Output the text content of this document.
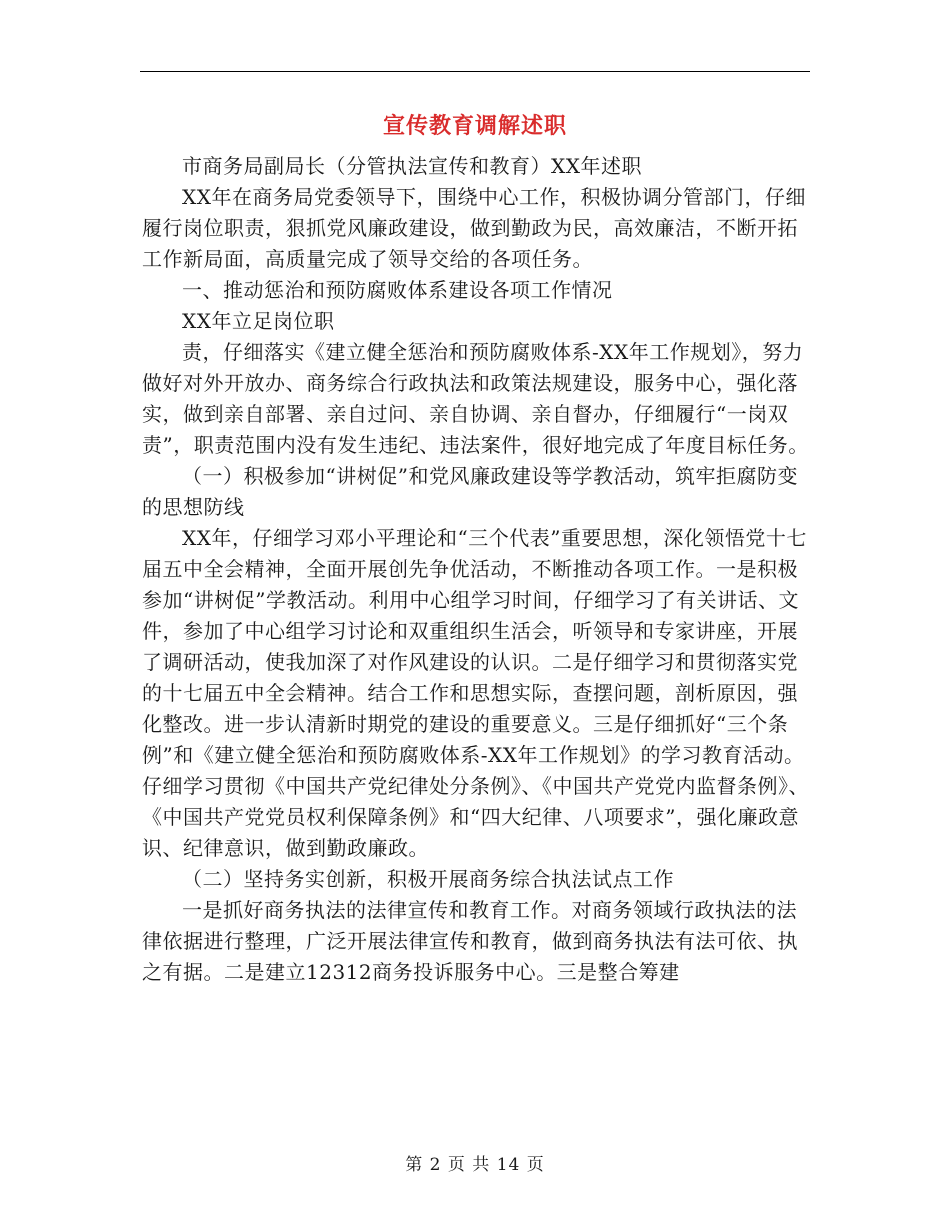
宣传教育调解述职

市商务局副局长（分管执法宣传和教育）XX年述职

XX年在商务局党委领导下，围绕中心工作，积极协调分管部门，仔细履行岗位职责，狠抓党风廉政建设，做到勤政为民，高效廉洁，不断开拓工作新局面，高质量完成了领导交给的各项任务。

一、推动惩治和预防腐败体系建设各项工作情况

XX年立足岗位职

责，仔细落实《建立健全惩治和预防腐败体系-XX年工作规划》，努力做好对外开放办、商务综合行政执法和政策法规建设，服务中心，强化落实，做到亲自部署、亲自过问、亲自协调、亲自督办，仔细履行“一岗双责”，职责范围内没有发生违纪、违法案件，很好地完成了年度目标任务。

（一）积极参加“讲树促”和党风廉政建设等学教活动，筑牢拒腐防变的思想防线

XX年，仔细学习邓小平理论和“三个代表”重要思想，深化领悟党十七届五中全会精神，全面开展创先争优活动，不断推动各项工作。一是积极参加“讲树促”学教活动。利用中心组学习时间，仔细学习了有关讲话、文件，参加了中心组学习讨论和双重组织生活会，听领导和专家讲座，开展了调研活动，使我加深了对作风建设的认识。二是仔细学习和贯彻落实党的十七届五中全会精神。结合工作和思想实际，查摆问题，剖析原因，强化整改。进一步认清新时期党的建设的重要意义。三是仔细抓好“三个条例”和《建立健全惩治和预防腐败体系-XX年工作规划》的学习教育活动。仔细学习贯彻《中国共产党纪律处分条例》、《中国共产党党内监督条例》、《中国共产党党员权利保障条例》和“四大纪律、八项要求”，强化廉政意识、纪律意识，做到勤政廉政。

（二）坚持务实创新，积极开展商务综合执法试点工作

一是抓好商务执法的法律宣传和教育工作。对商务领域行政执法的法律依据进行整理，广泛开展法律宣传和教育，做到商务执法有法可依、执之有据。二是建立12312商务投诉服务中心。三是整合筹建

第 2 页 共 14 页
